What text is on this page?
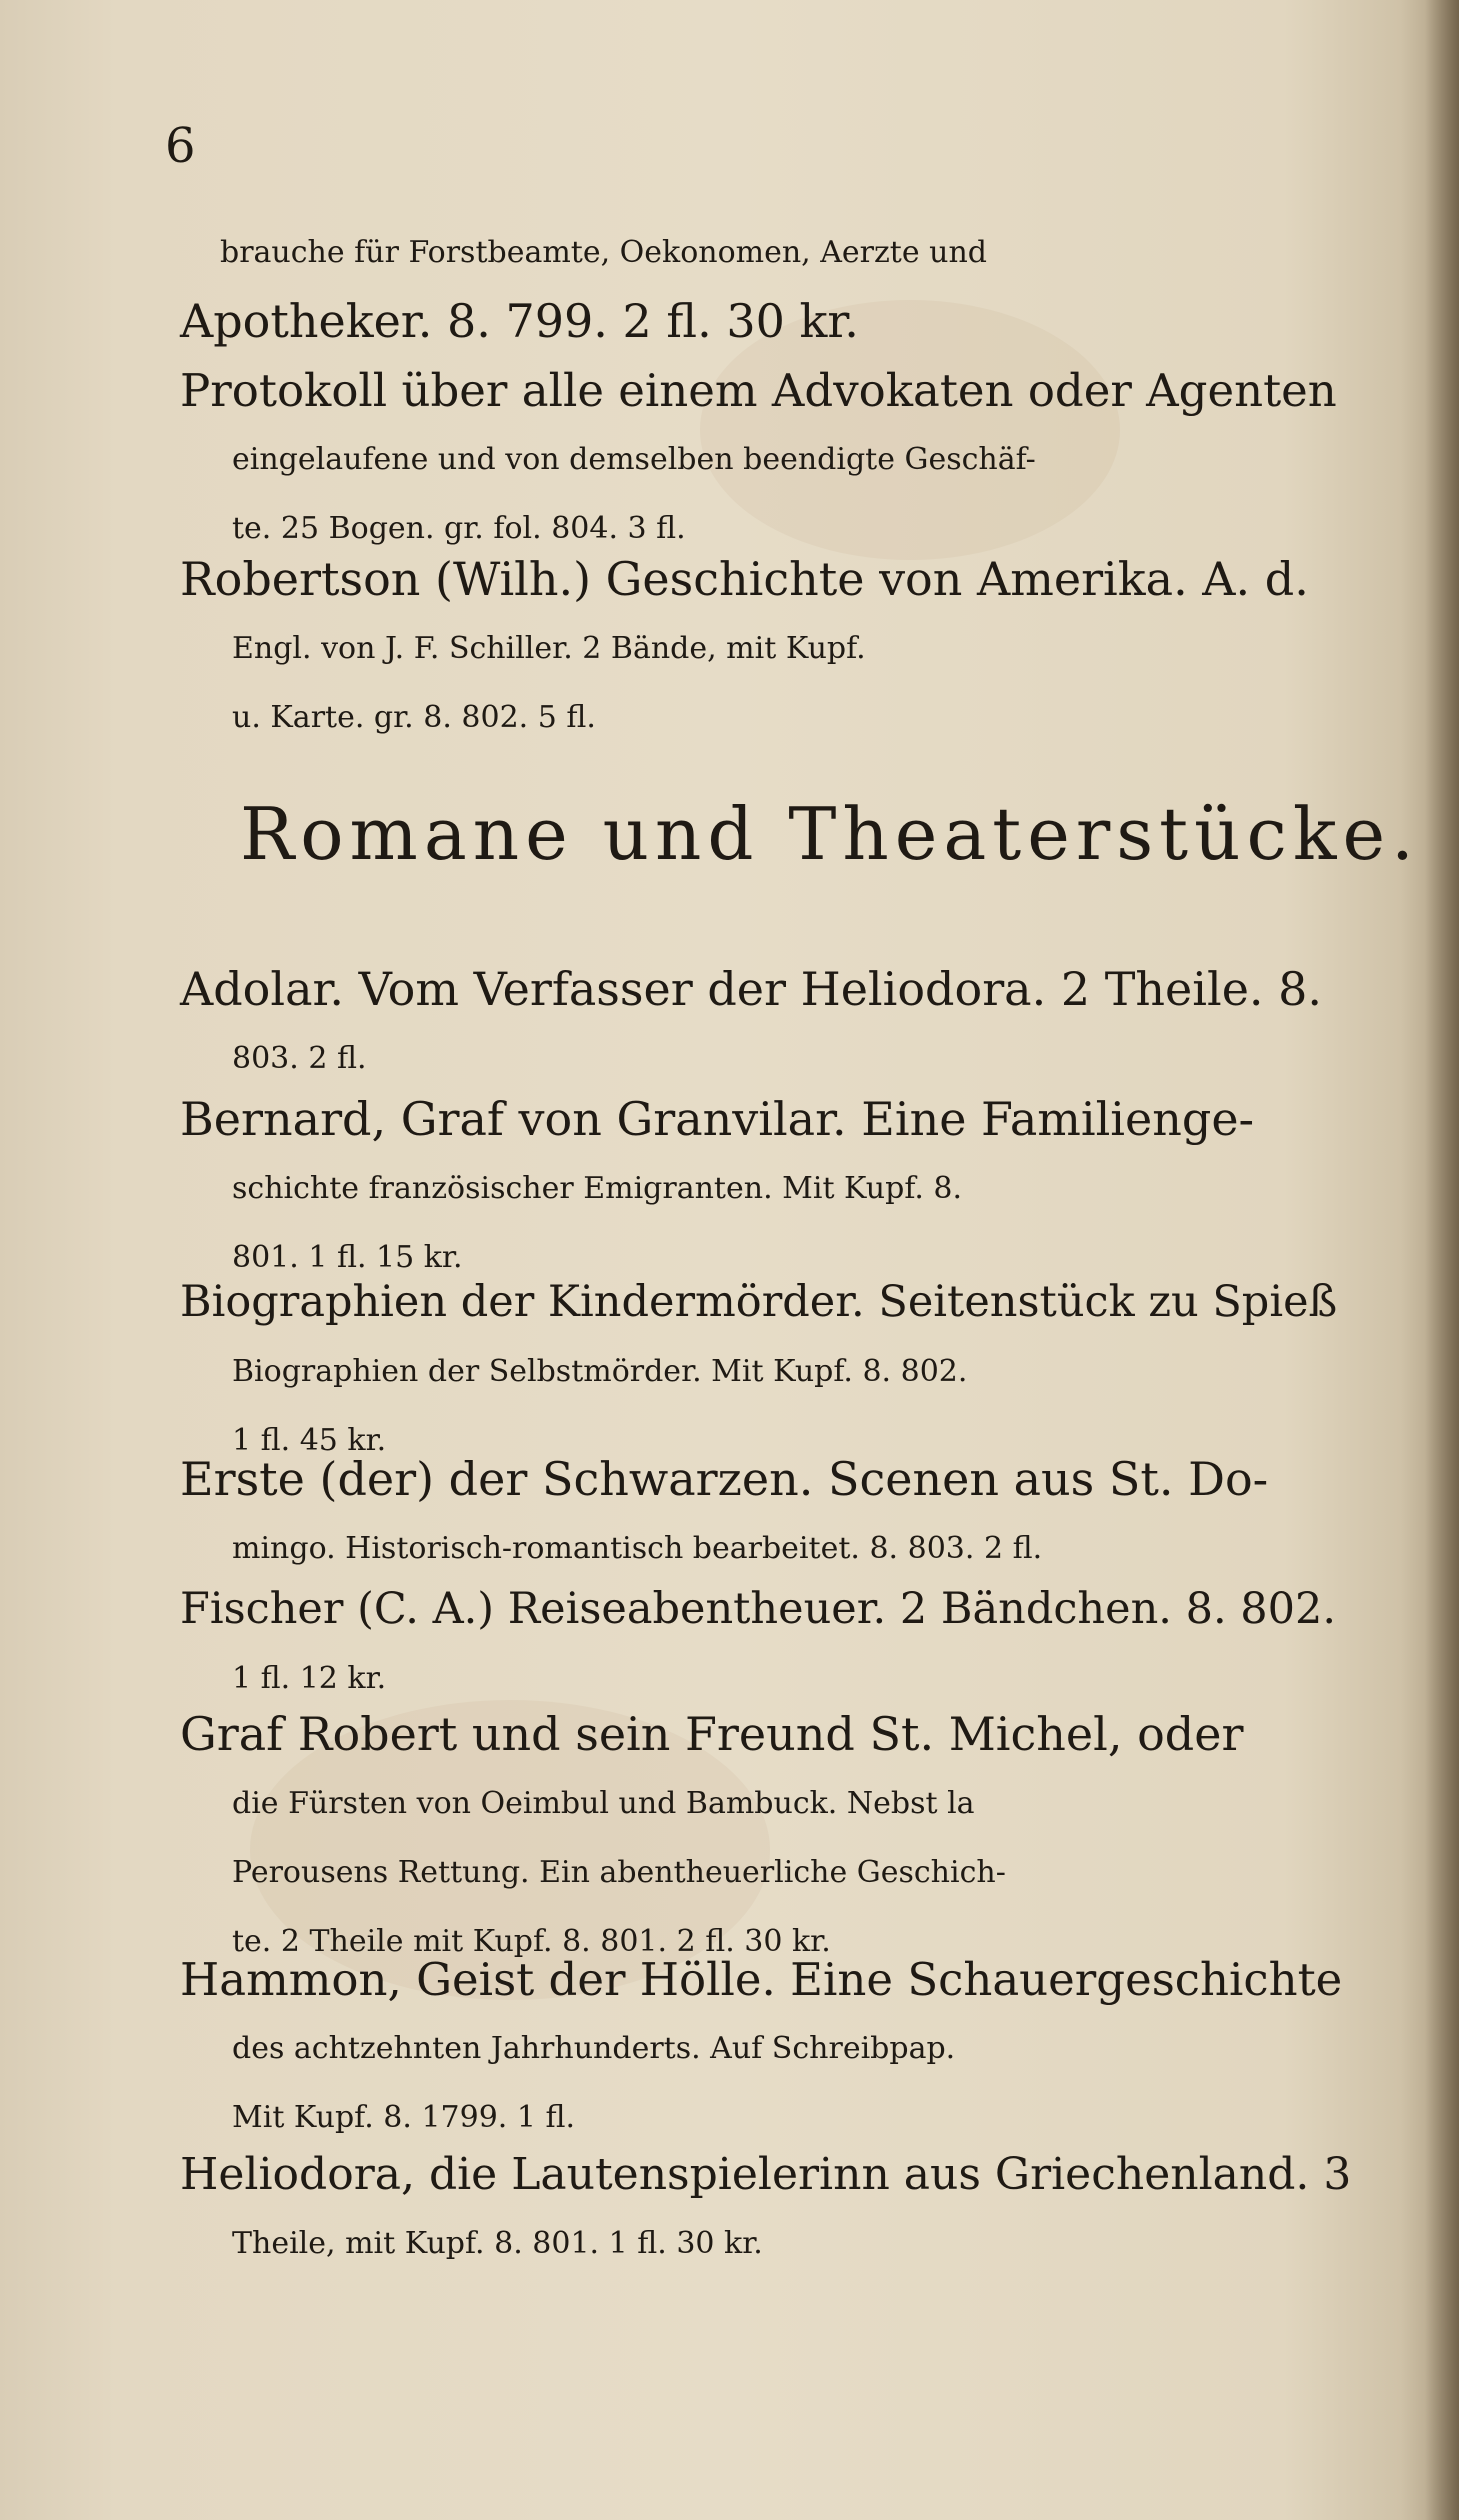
6
brauche für Forstbeamte, Oekonomen, Aerzte und
Apotheker. 8. 799. 2 fl. 30 kr.
Protokoll über alle einem Advokaten oder Agenten
eingelaufene und von demselben beendigte Geschäf-
te. 25 Bogen. gr. fol. 804. 3 fl.
Robertson (Wilh.) Geschichte von Amerika. A. d.
Engl. von J. F. Schiller. 2 Bände, mit Kupf.
u. Karte. gr. 8. 802. 5 fl.
Romane und Theaterstücke.
Adolar. Vom Verfasser der Heliodora. 2 Theile. 8.
803. 2 fl.
Bernard, Graf von Granvilar. Eine Familienge-
schichte französischer Emigranten. Mit Kupf. 8.
801. 1 fl. 15 kr.
Biographien der Kindermörder. Seitenstück zu Spieß
Biographien der Selbstmörder. Mit Kupf. 8. 802.
1 fl. 45 kr.
Erste (der) der Schwarzen. Scenen aus St. Do-
mingo. Historisch-romantisch bearbeitet. 8. 803. 2 fl.
Fischer (C. A.) Reiseabentheuer. 2 Bändchen. 8. 802.
1 fl. 12 kr.
Graf Robert und sein Freund St. Michel, oder
die Fürsten von Oeimbul und Bambuck. Nebst la
Perousens Rettung. Ein abentheuerliche Geschich-
te. 2 Theile mit Kupf. 8. 801. 2 fl. 30 kr.
Hammon, Geist der Hölle. Eine Schauergeschichte
des achtzehnten Jahrhunderts. Auf Schreibpap.
Mit Kupf. 8. 1799. 1 fl.
Heliodora, die Lautenspielerinn aus Griechenland. 3
Theile, mit Kupf. 8. 801. 1 fl. 30 kr.
